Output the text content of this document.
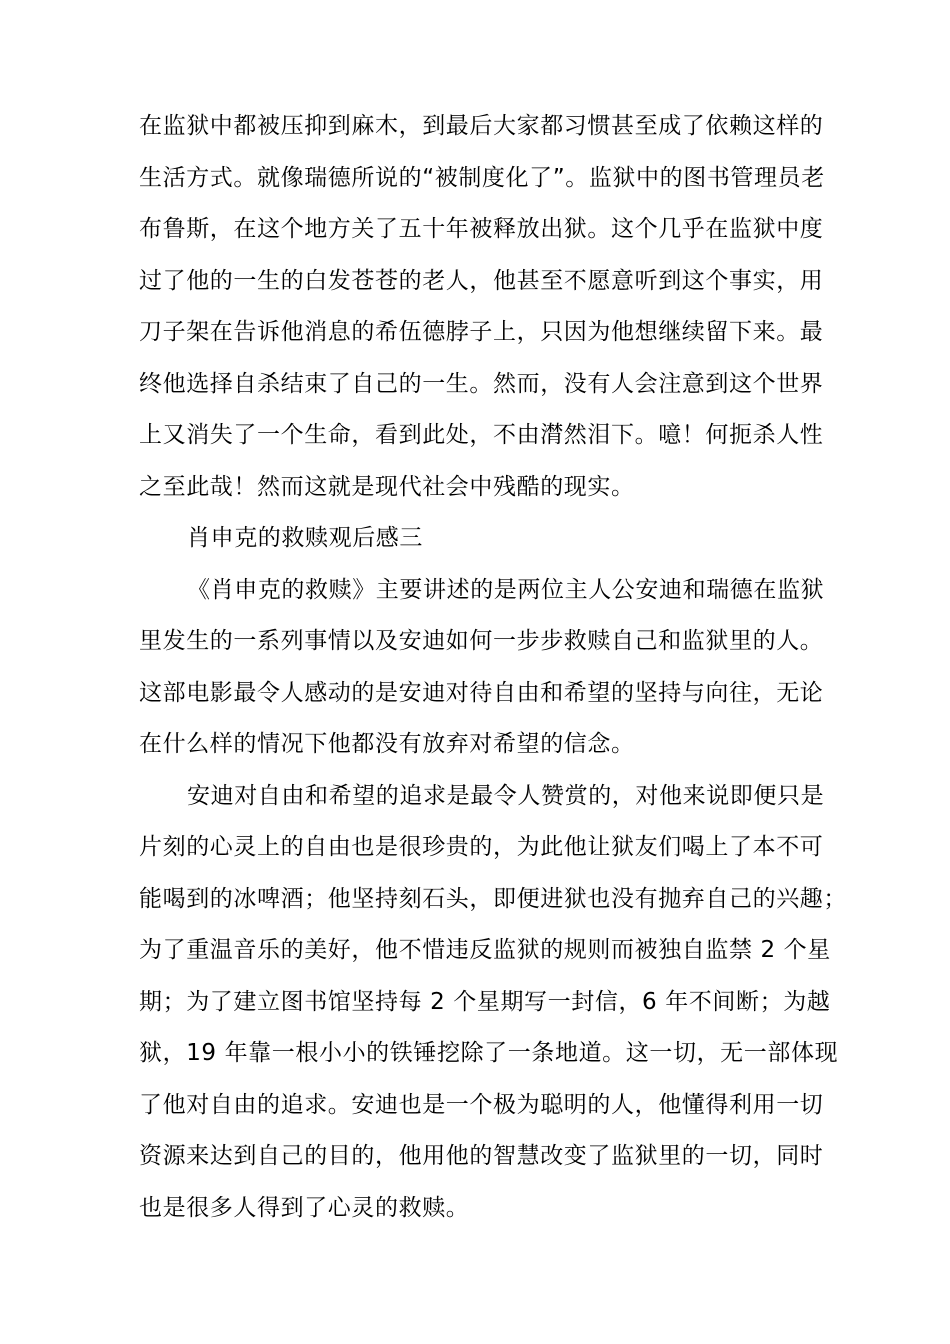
在监狱中都被压抑到麻木，到最后大家都习惯甚至成了依赖这样的
生活方式。就像瑞德所说的“被制度化了”。监狱中的图书管理员老
布鲁斯，在这个地方关了五十年被释放出狱。这个几乎在监狱中度
过了他的一生的白发苍苍的老人，他甚至不愿意听到这个事实，用
刀子架在告诉他消息的希伍德脖子上，只因为他想继续留下来。最
终他选择自杀结束了自己的一生。然而，没有人会注意到这个世界
上又消失了一个生命，看到此处，不由潸然泪下。噫！何扼杀人性
之至此哉！然而这就是现代社会中残酷的现实。
肖申克的救赎观后感三
《肖申克的救赎》主要讲述的是两位主人公安迪和瑞德在监狱
里发生的一系列事情以及安迪如何一步步救赎自己和监狱里的人。
这部电影最令人感动的是安迪对待自由和希望的坚持与向往，无论
在什么样的情况下他都没有放弃对希望的信念。
安迪对自由和希望的追求是最令人赞赏的，对他来说即便只是
片刻的心灵上的自由也是很珍贵的，为此他让狱友们喝上了本不可
能喝到的冰啤酒；他坚持刻石头，即便进狱也没有抛弃自己的兴趣；
为了重温音乐的美好，他不惜违反监狱的规则而被独自监禁 2 个星
期；为了建立图书馆坚持每 2 个星期写一封信，6 年不间断；为越
狱，19 年靠一根小小的铁锤挖除了一条地道。这一切，无一部体现
了他对自由的追求。安迪也是一个极为聪明的人，他懂得利用一切
资源来达到自己的目的，他用他的智慧改变了监狱里的一切，同时
也是很多人得到了心灵的救赎。
